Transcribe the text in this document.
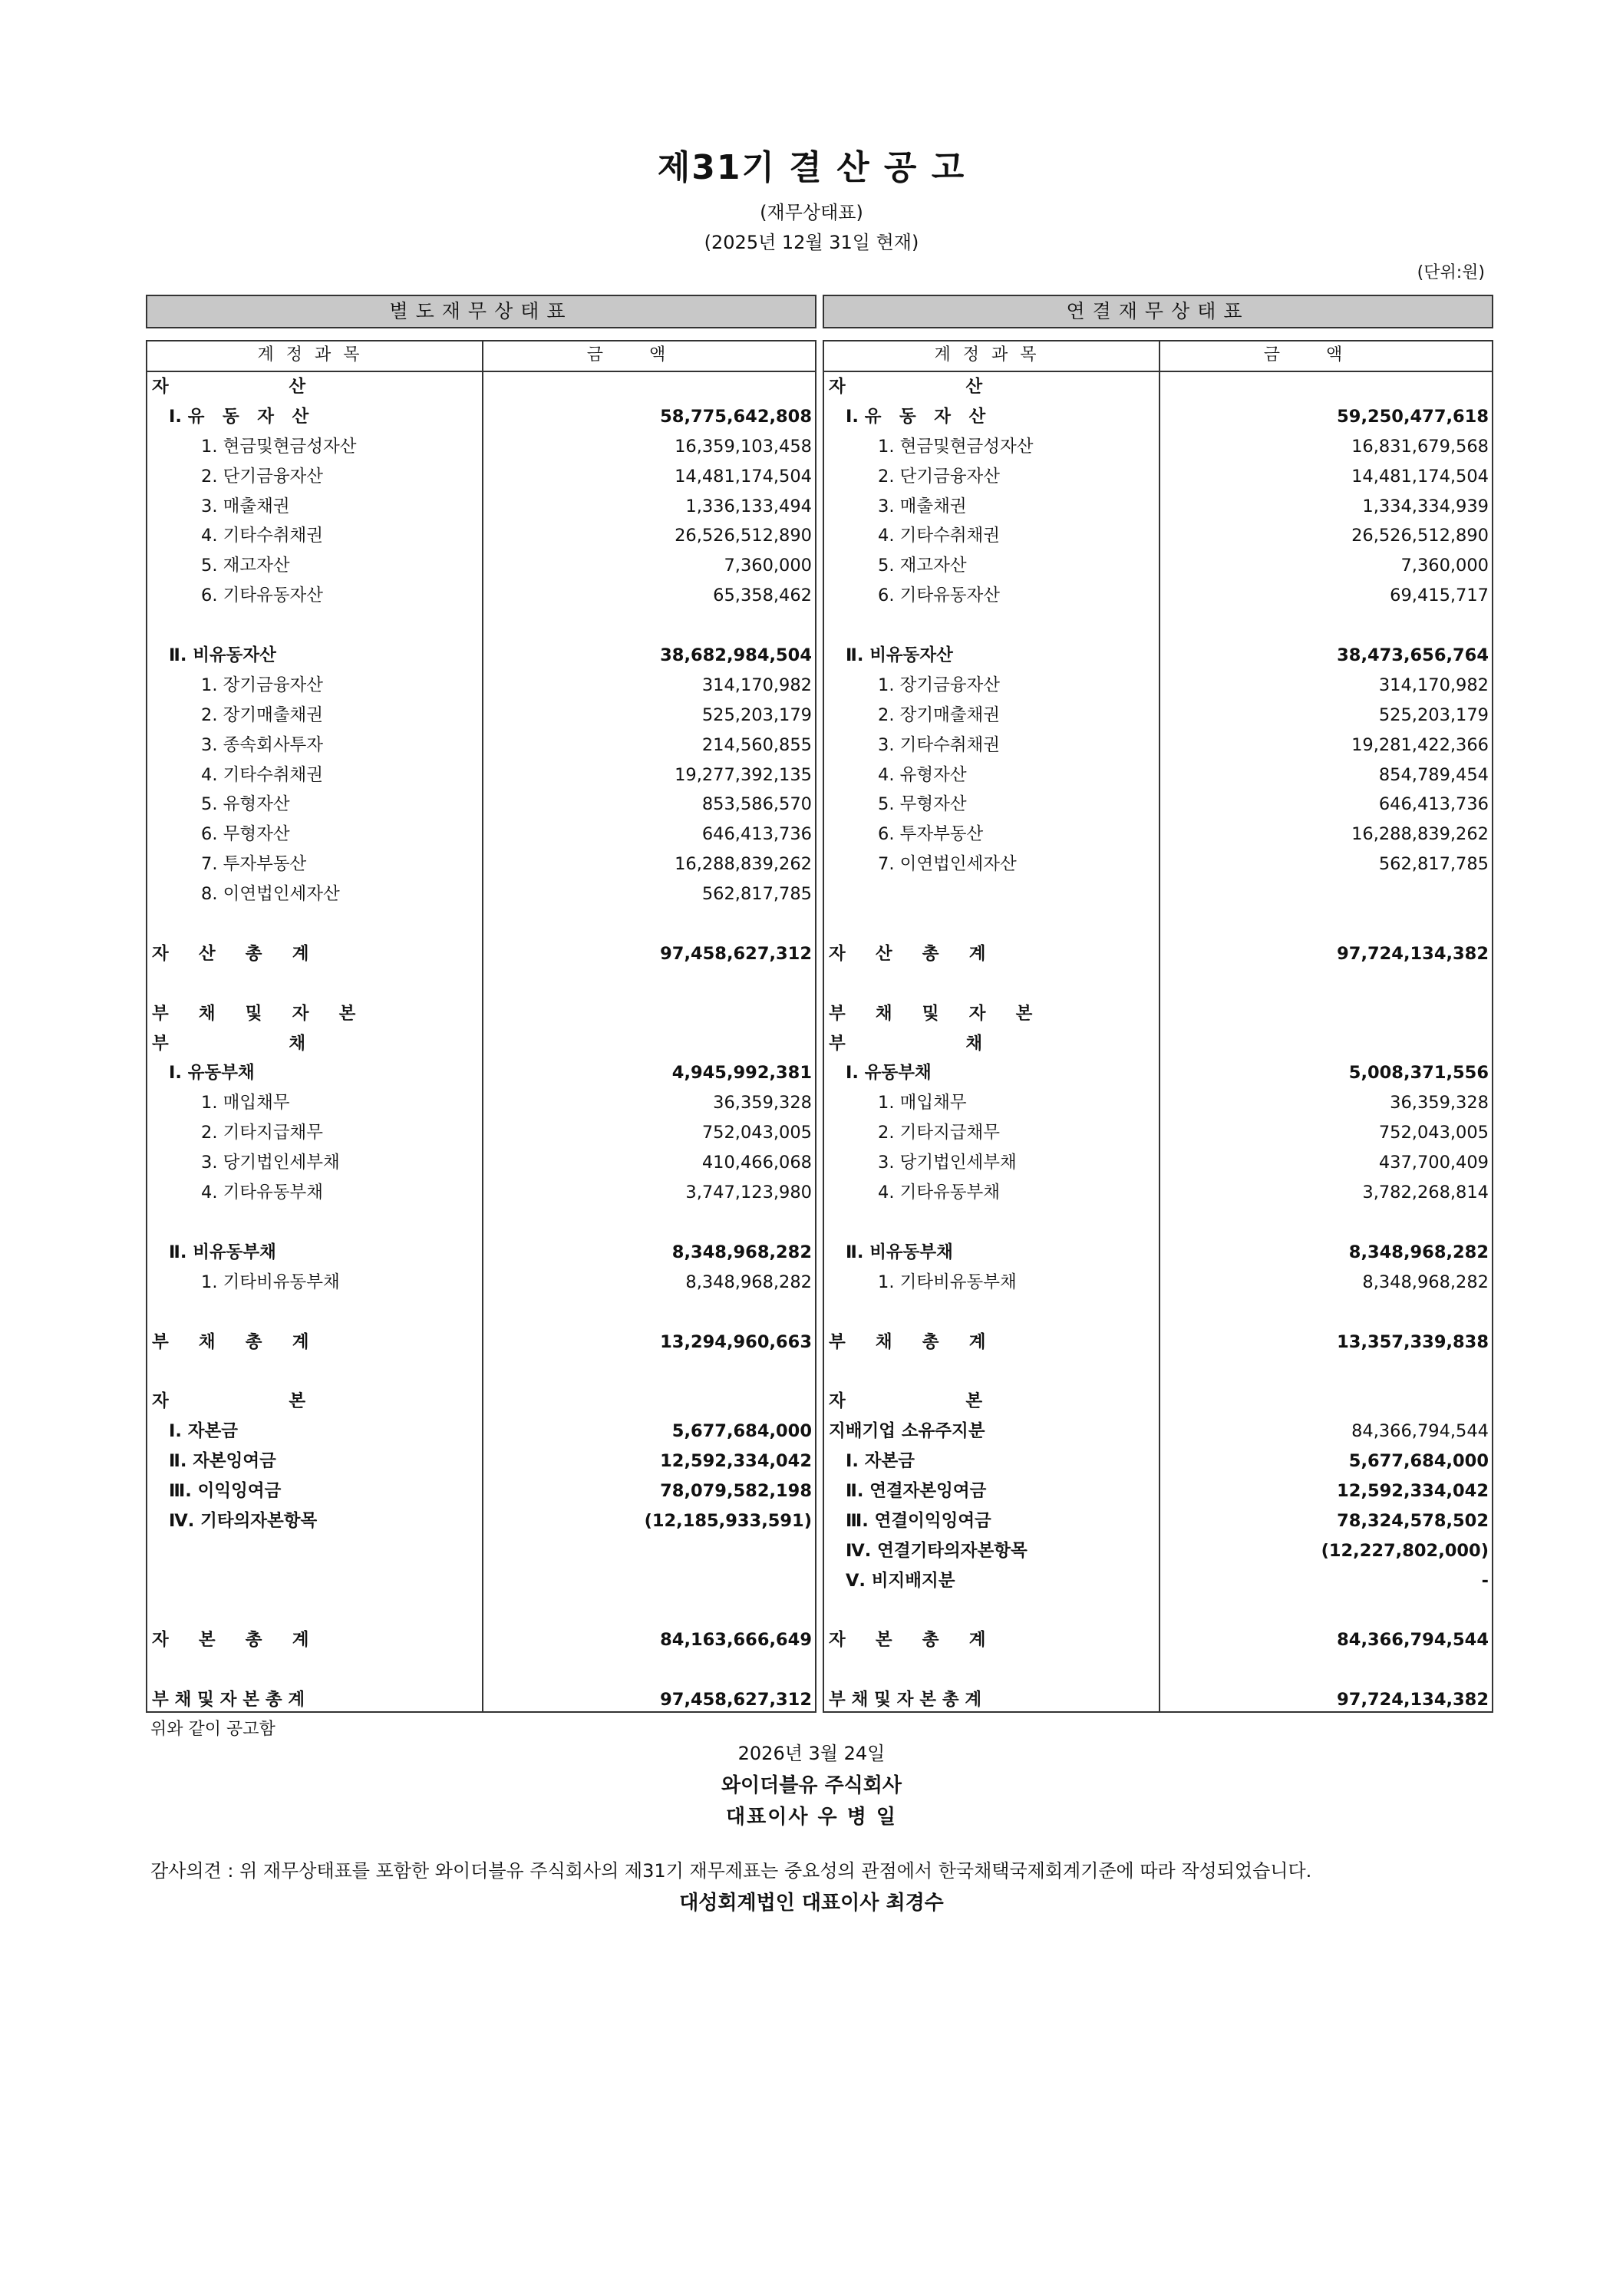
제31기 결 산 공 고
(재무상태표)
(2025년 12월 31일 현재)
(단위:원)
별도재무상태표	연결재무상태표
계정과목	금액
자                    산
Ⅰ. 유   동   자   산	58,775,642,808
1. 현금및현금성자산	16,359,103,458
2. 단기금융자산	14,481,174,504
3. 매출채권	1,336,133,494
4. 기타수취채권	26,526,512,890
5. 재고자산	7,360,000
6. 기타유동자산	65,358,462
Ⅱ. 비유동자산	38,682,984,504
1. 장기금융자산	314,170,982
2. 장기매출채권	525,203,179
3. 종속회사투자	214,560,855
4. 기타수취채권	19,277,392,135
5. 유형자산	853,586,570
6. 무형자산	646,413,736
7. 투자부동산	16,288,839,262
8. 이연법인세자산	562,817,785
자     산     총     계	97,458,627,312
부     채     및     자     본
부                    채
Ⅰ. 유동부채	4,945,992,381
1. 매입채무	36,359,328
2. 기타지급채무	752,043,005
3. 당기법인세부채	410,466,068
4. 기타유동부채	3,747,123,980
Ⅱ. 비유동부채	8,348,968,282
1. 기타비유동부채	8,348,968,282
부     채     총     계	13,294,960,663
자                    본
Ⅰ. 자본금	5,677,684,000
Ⅱ. 자본잉여금	12,592,334,042
Ⅲ. 이익잉여금	78,079,582,198
Ⅳ. 기타의자본항목	(12,185,933,591)
자     본     총     계	84,163,666,649
부 채 및 자 본 총 계	97,458,627,312
계정과목	금액
자                    산
Ⅰ. 유   동   자   산	59,250,477,618
1. 현금및현금성자산	16,831,679,568
2. 단기금융자산	14,481,174,504
3. 매출채권	1,334,334,939
4. 기타수취채권	26,526,512,890
5. 재고자산	7,360,000
6. 기타유동자산	69,415,717
Ⅱ. 비유동자산	38,473,656,764
1. 장기금융자산	314,170,982
2. 장기매출채권	525,203,179
3. 기타수취채권	19,281,422,366
4. 유형자산	854,789,454
5. 무형자산	646,413,736
6. 투자부동산	16,288,839,262
7. 이연법인세자산	562,817,785
자     산     총     계	97,724,134,382
부     채     및     자     본
부                    채
Ⅰ. 유동부채	5,008,371,556
1. 매입채무	36,359,328
2. 기타지급채무	752,043,005
3. 당기법인세부채	437,700,409
4. 기타유동부채	3,782,268,814
Ⅱ. 비유동부채	8,348,968,282
1. 기타비유동부채	8,348,968,282
부     채     총     계	13,357,339,838
자                    본
지배기업 소유주지분	84,366,794,544
Ⅰ. 자본금	5,677,684,000
Ⅱ. 연결자본잉여금	12,592,334,042
Ⅲ. 연결이익잉여금	78,324,578,502
Ⅳ. 연결기타의자본항목	(12,227,802,000)
Ⅴ. 비지배지분	-
자     본     총     계	84,366,794,544
부 채 및 자 본 총 계	97,724,134,382
위와 같이 공고함
2026년 3월 24일
와이더블유 주식회사
대표이사 우 병 일
감사의견 : 위 재무상태표를 포함한 와이더블유 주식회사의 제31기 재무제표는 중요성의 관점에서 한국채택국제회계기준에 따라 작성되었습니다.
대성회계법인 대표이사 최경수
